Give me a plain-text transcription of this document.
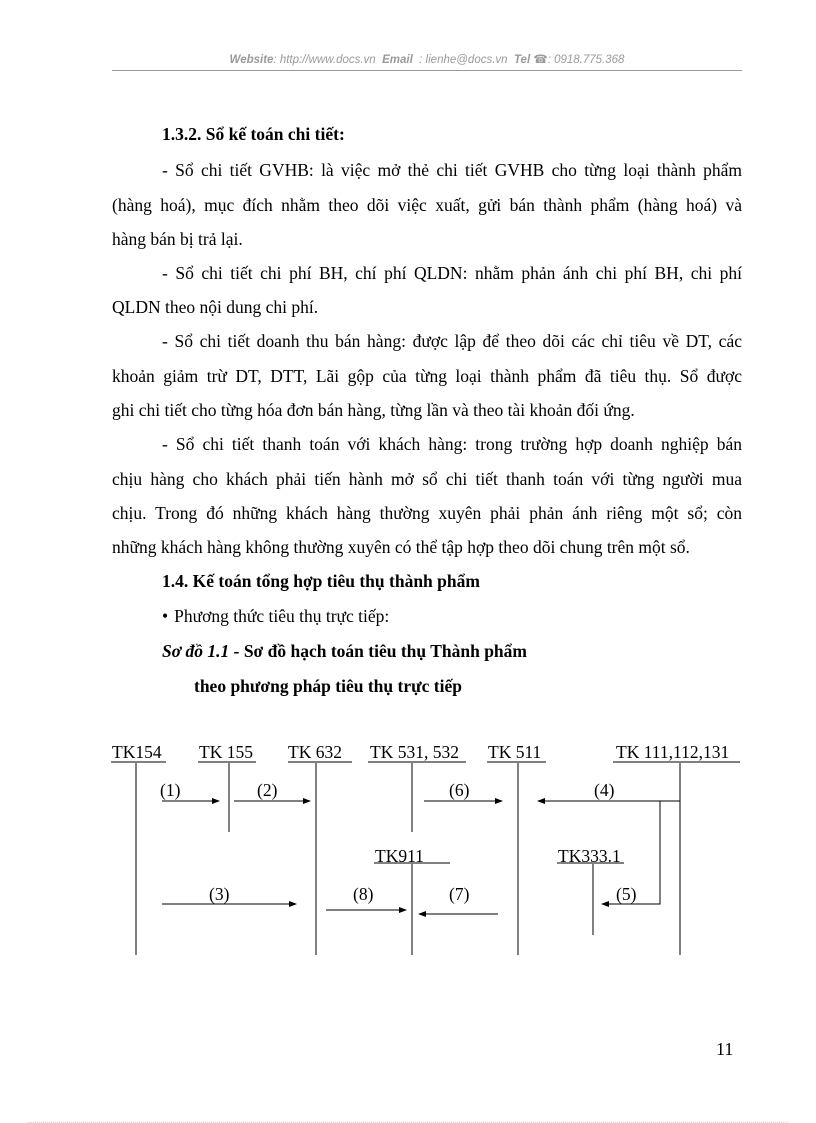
Website: http://www.docs.vn Email : lienhe@docs.vn Tel ☎: 0918.775.368
1.3.2. Sổ kế toán chi tiết:
- Sổ chi tiết GVHB: là việc mở thẻ chi tiết GVHB cho từng loại thành phẩm
(hàng hoá), mục đích nhằm theo dõi việc xuất, gửi bán thành phẩm (hàng hoá) và
hàng bán bị trả lại.
- Sổ chi tiết chi phí BH, chí phí QLDN: nhằm phản ánh chi phí BH, chi phí
QLDN theo nội dung chi phí.
- Sổ chi tiết doanh thu bán hàng: được lập để theo dõi các chỉ tiêu về DT, các
khoản giảm trừ DT, DTT, Lãi gộp của từng loại thành phẩm đã tiêu thụ. Sổ được
ghi chi tiết cho từng hóa đơn bán hàng, từng lần và theo tài khoản đối ứng.
- Sổ chi tiết thanh toán với khách hàng: trong trường hợp doanh nghiệp bán
chịu hàng cho khách phải tiến hành mở sổ chi tiết thanh toán với từng người mua
chịu. Trong đó những khách hàng thường xuyên phải phản ánh riêng một sổ; còn
những khách hàng không thường xuyên có thể tập hợp theo dõi chung trên một sổ.
1.4. Kế toán tổng hợp tiêu thụ thành phẩm
• Phương thức tiêu thụ trực tiếp:
Sơ đồ 1.1 - Sơ đồ hạch toán tiêu thụ Thành phẩm
theo phương pháp tiêu thụ trực tiếp
TK154 TK 155 TK 632 TK 531, 532 TK 511	TK 111,112,131
TK911	TK333.1
(1)	(2)	(6)	(4)
(3)	(8)	(7)	(5)
11
